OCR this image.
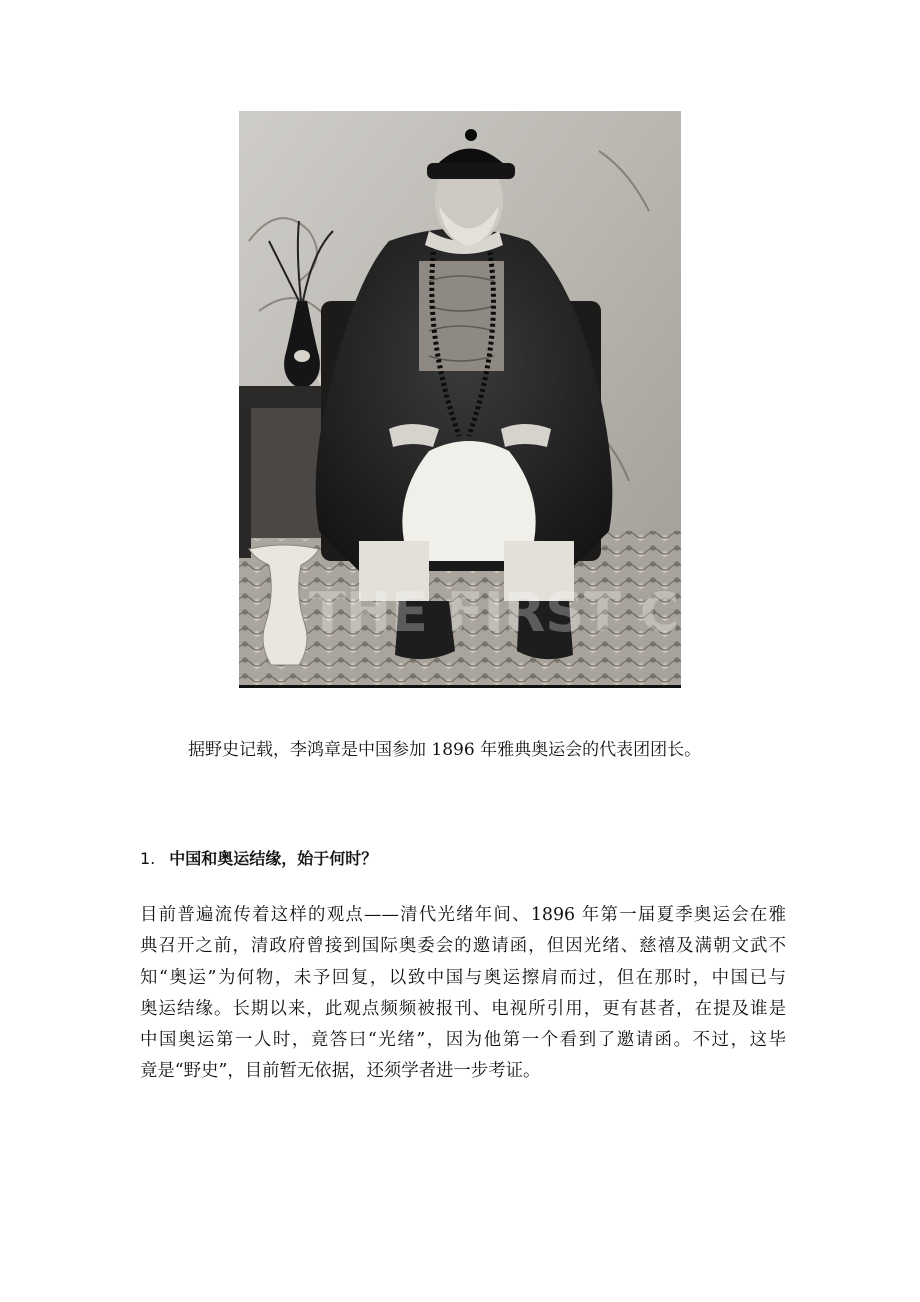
THE FIRST C
据野史记载，李鸿章是中国参加 1896 年雅典奥运会的代表团团长。
1. 中国和奥运结缘，始于何时？
目前普遍流传着这样的观点——清代光绪年间、1896 年第一届夏季奥运会在雅
典召开之前，清政府曾接到国际奥委会的邀请函，但因光绪、慈禧及满朝文武不
知“奥运”为何物，未予回复，以致中国与奥运擦肩而过，但在那时，中国已与
奥运结缘。长期以来，此观点频频被报刊、电视所引用，更有甚者，在提及谁是
中国奥运第一人时，竟答曰“光绪”，因为他第一个看到了邀请函。不过，这毕
竟是“野史”，目前暂无依据，还须学者进一步考证。
